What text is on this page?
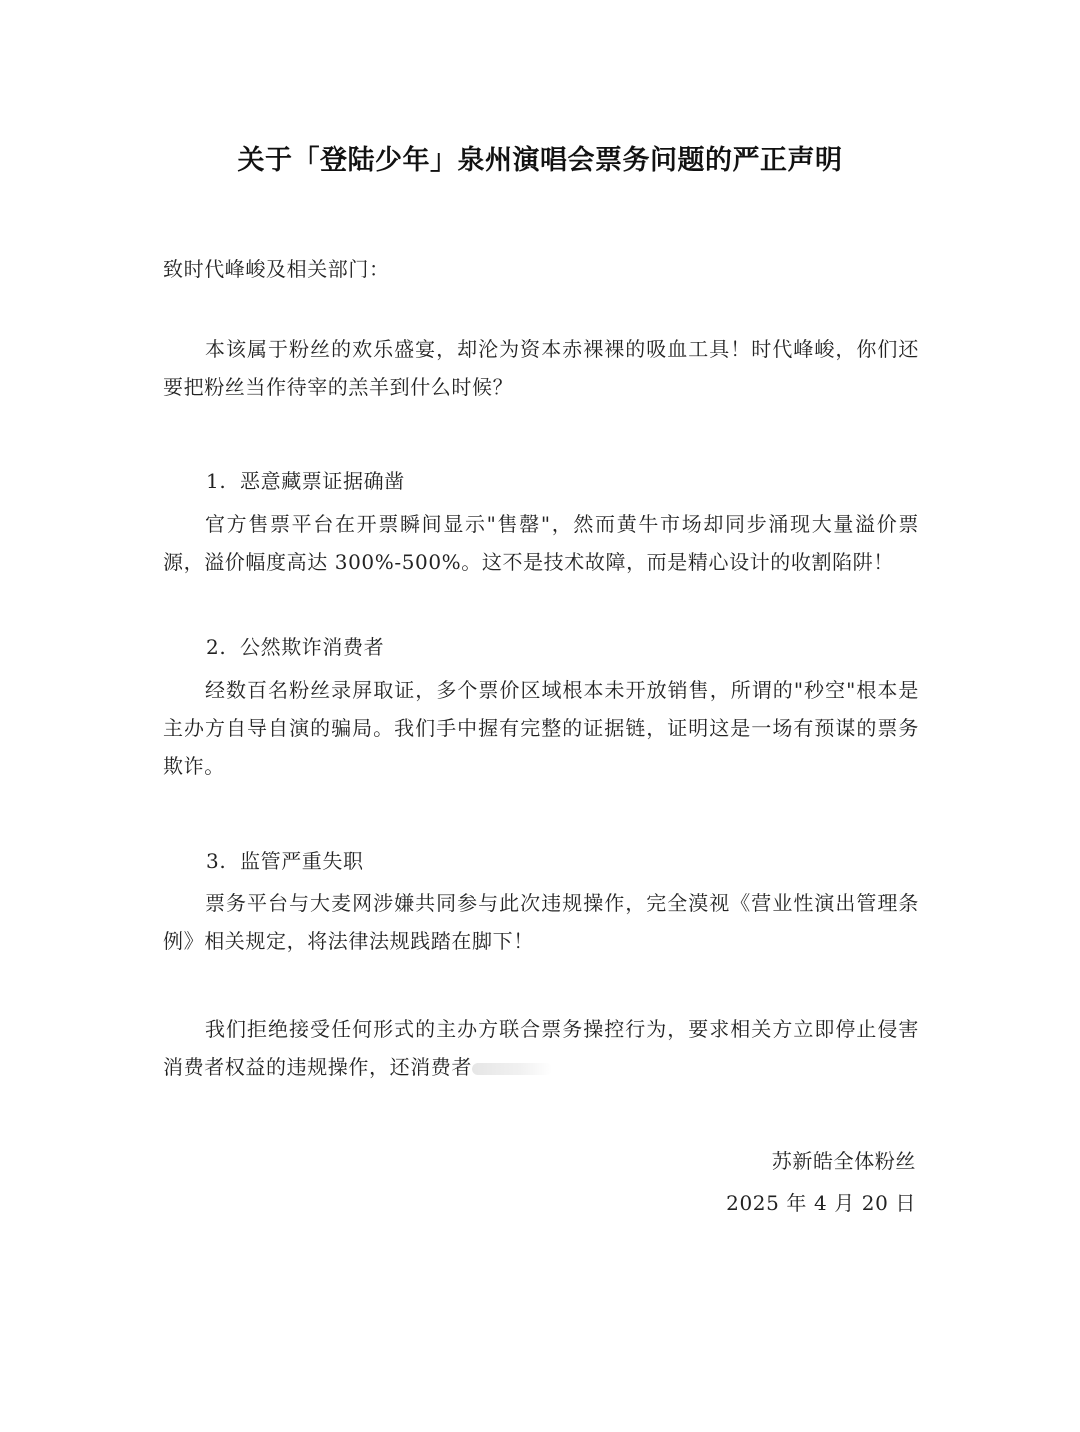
关于「登陆少年」泉州演唱会票务问题的严正声明
致时代峰峻及相关部门：
本该属于粉丝的欢乐盛宴，却沦为资本赤裸裸的吸血工具！时代峰峻，你们还要把粉丝当作待宰的羔羊到什么时候？
1. 恶意藏票证据确凿
官方售票平台在开票瞬间显示"售罄"，然而黄牛市场却同步涌现大量溢价票源，溢价幅度高达 300%-500%。这不是技术故障，而是精心设计的收割陷阱！
2. 公然欺诈消费者
经数百名粉丝录屏取证，多个票价区域根本未开放销售，所谓的"秒空"根本是主办方自导自演的骗局。我们手中握有完整的证据链，证明这是一场有预谋的票务欺诈。
3. 监管严重失职
票务平台与大麦网涉嫌共同参与此次违规操作，完全漠视《营业性演出管理条例》相关规定，将法律法规践踏在脚下！
我们拒绝接受任何形式的主办方联合票务操控行为，要求相关方立即停止侵害消费者权益的违规操作，还消费者
苏新皓全体粉丝
2025 年 4 月 20 日
